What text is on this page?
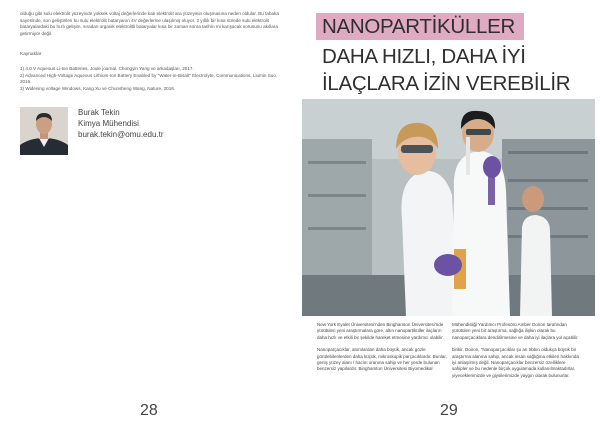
olduğu gibi sulu elektrolit yüzeyinde yoksek voltaj değerlerinde katı elektrolit ara yüzeyinin oluşmasına neden oldular. Bu tabaka sayesinde, son geliştirilen bu sulu elektrolit bataryanın 4V değerlerine ulaşılmış oluyor. 2 yıllık bir kısa sürede sulu elektrolit bataryalardaki bu hızlı gelişim, sıradan organik elektrolitli bataryalar kısa bir zaman sonra tarihin mi karışacak sorusunu akıllara getirmiyor değil.

Kaynaklar

1) 4.0 V Aqueous Li-Ion Batteries, Joule journal, Chongyin Yang ve arkadaşları, 2017.
2) Advanced High-Voltage Aqueous Lithium-Ion Battery Enabled by "Water-in-Bisalt" Electrolyte, Communications, Liumin Suo, 2016.
3) Widening voltage Windows, Kang Xu ve Chunsheng Wang, Nature, 2016.
Burak Tekin
Kimya Mühendisi
burak.tekin@omu.edu.tr
28
NANOPARTİKÜLLER
DAHA HIZLI, DAHA İYİ
İLAÇLARA İZİN VEREBİLİR

New York Eyalet Üniversitesi'nden Binghamton Üniversitesi'nde yürütülen yeni araştırmalara göre, altın nanopartiküller ilaçların daha hızlı ve etkili bir şekilde hareket etmesine yardımcı olabilir.

Nanoparçacıklar, atomlardan daha büyük, ancak gözle görülebilenlerden daha küçük, mikroskopik parçacıklardır. Bunlar, geniş yüzey alanı / hacim oranına sahip ve her yerde bulunan benzersiz yapılardır. Binghamton Üniversitesi Biyomedikal

Mühendisliği Yardımcı Profesörü Amber Doiron tarafından yürütülen yeni bir araştırma, sağlığa ilişkin olarak bu nanoparçacıklara dendirilmesine ve daha iyi ilaçlara yol açabilir.

birikir. Doiron, "Nanoparçacıklar şu an tıbbın oldukça büyük bir araştırma alanına sahip, ancak insan sağlığına etkileri hakkında iyi anlaşılmış değil. Nanoparçacıklar benzersiz özelliklere sahipler ve bu nedenle birçok uygulamada kullanılmaktadırlar, yiyeceklerimizde ve giysilerimizde yaygın olarak bulunurlar.

29
